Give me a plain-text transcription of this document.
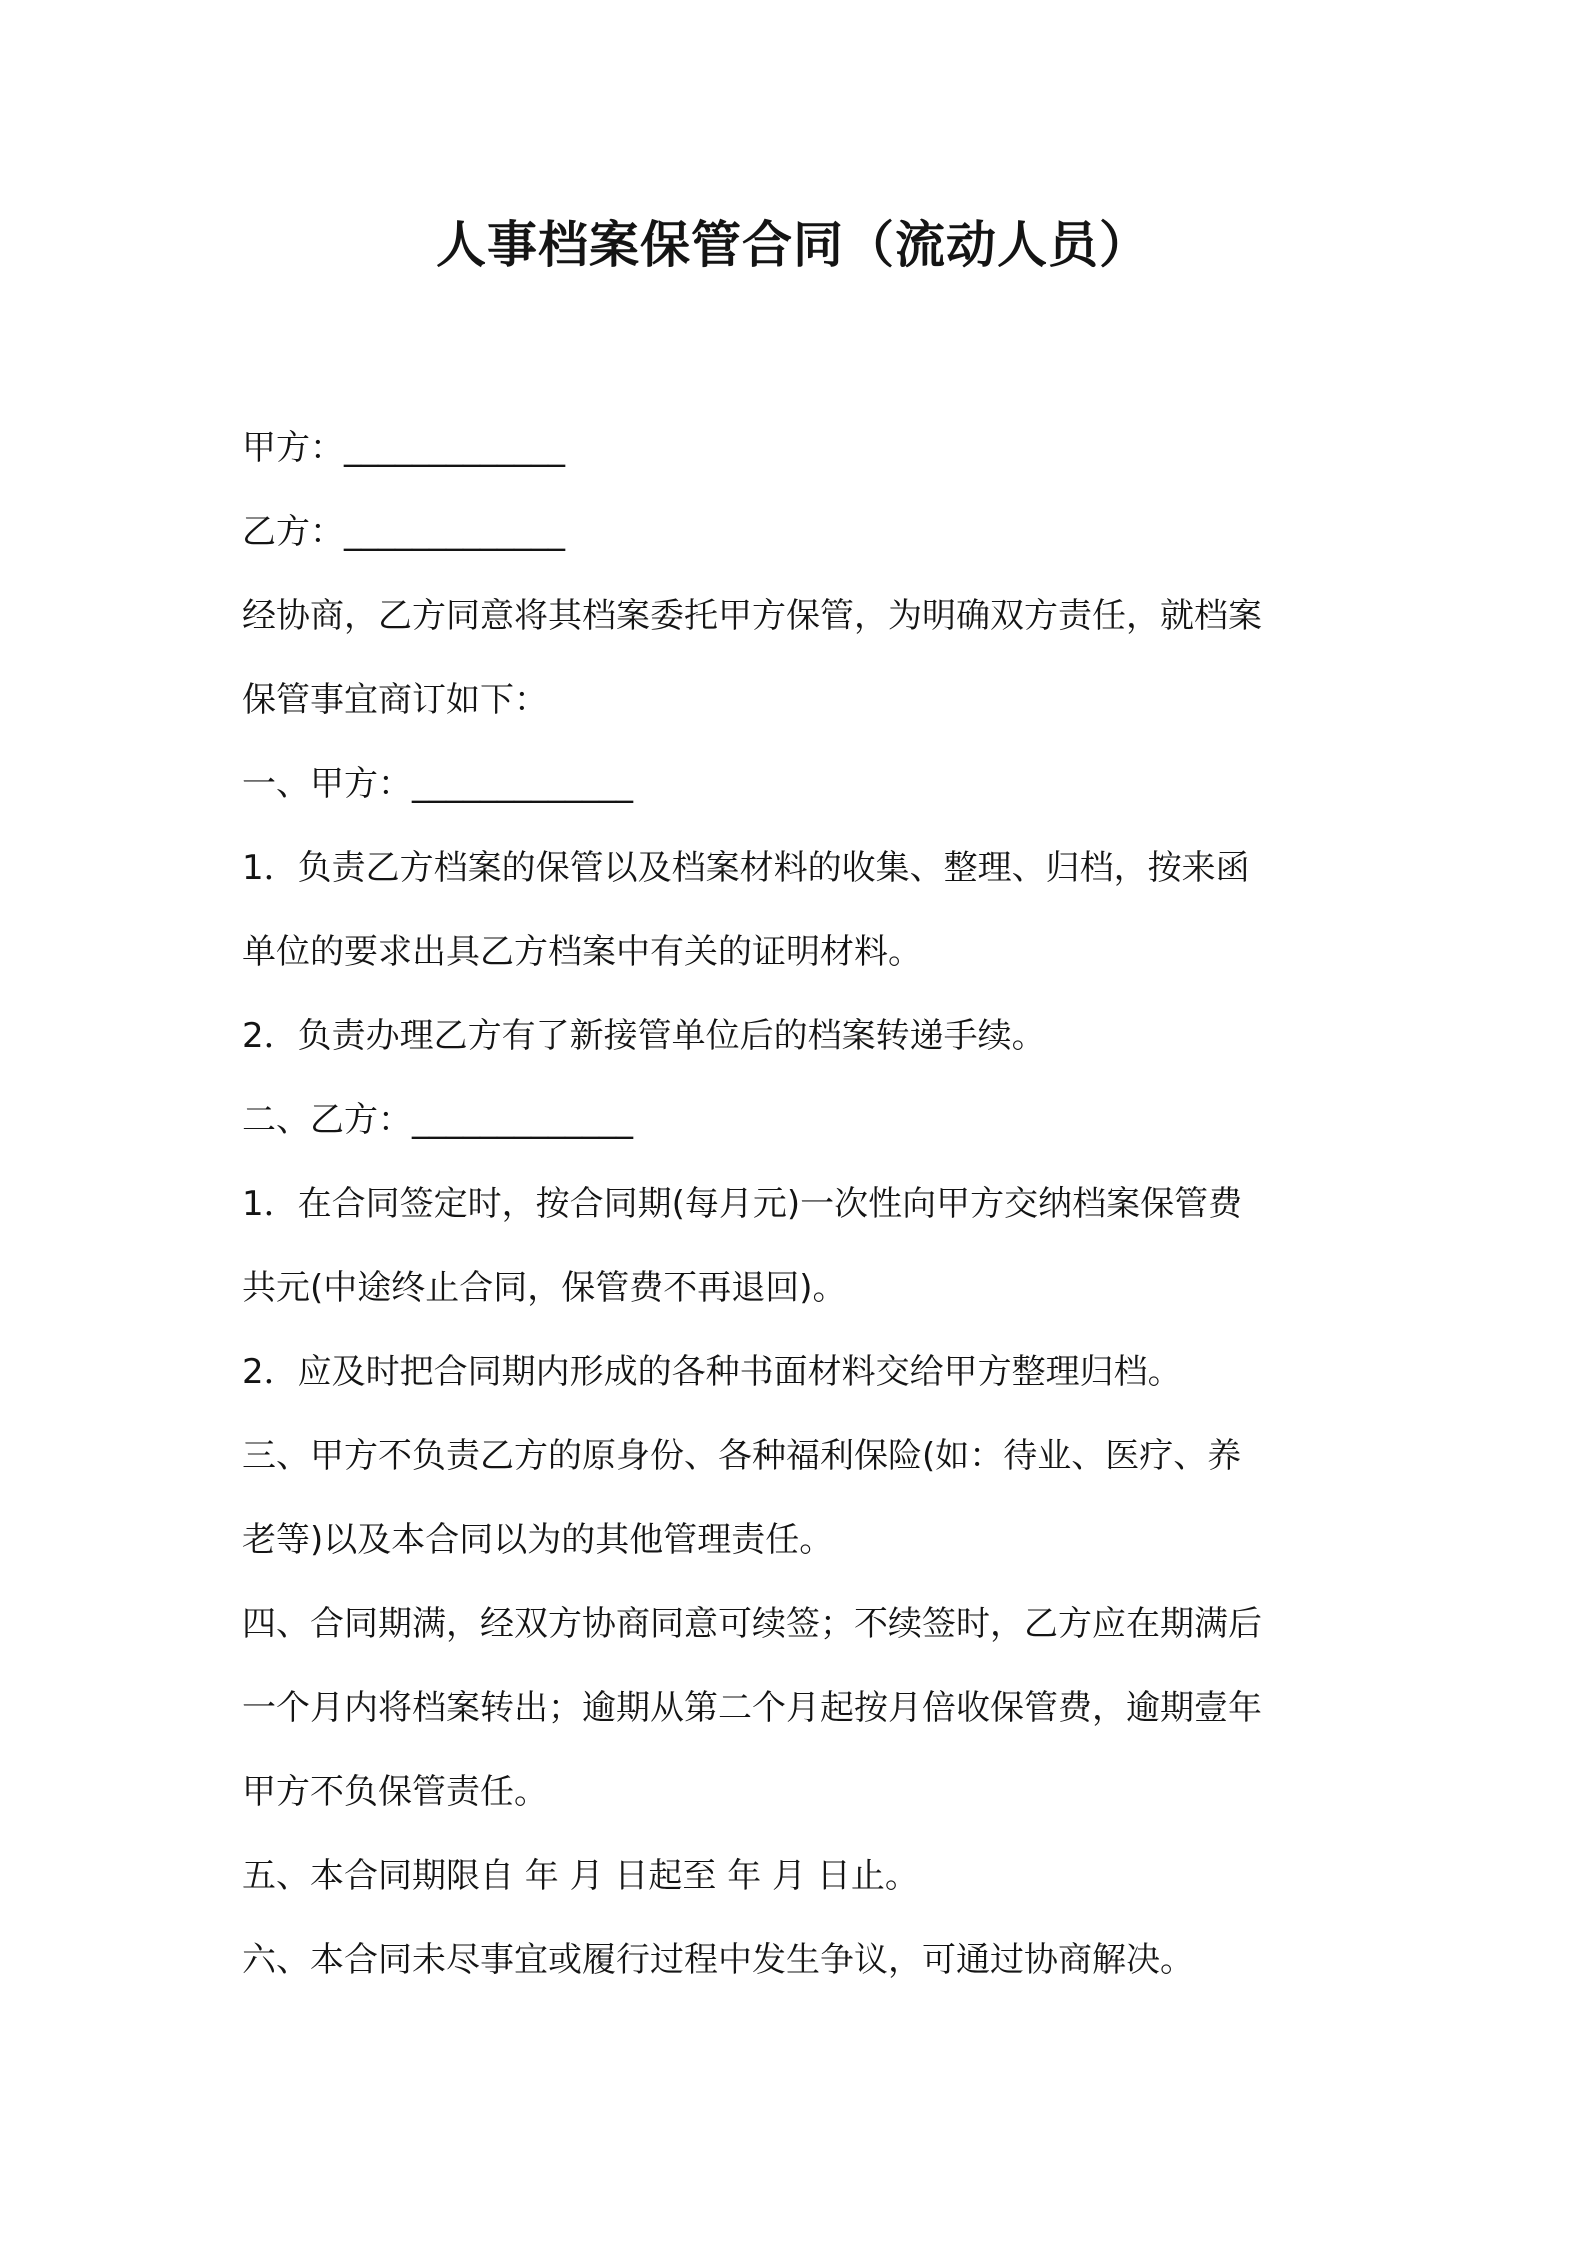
人事档案保管合同（流动人员）
甲方：_____________
乙方：_____________
经协商，乙方同意将其档案委托甲方保管，为明确双方责任，就档案
保管事宜商订如下：
一、甲方：_____________
1．负责乙方档案的保管以及档案材料的收集、整理、归档，按来函
单位的要求出具乙方档案中有关的证明材料。
2．负责办理乙方有了新接管单位后的档案转递手续。
二、乙方：_____________
1．在合同签定时，按合同期(每月元)一次性向甲方交纳档案保管费
共元(中途终止合同，保管费不再退回)。
2．应及时把合同期内形成的各种书面材料交给甲方整理归档。
三、甲方不负责乙方的原身份、各种福利保险(如：待业、医疗、养
老等)以及本合同以为的其他管理责任。
四、合同期满，经双方协商同意可续签；不续签时，乙方应在期满后
一个月内将档案转出；逾期从第二个月起按月倍收保管费，逾期壹年
甲方不负保管责任。
五、本合同期限自 年 月 日起至 年 月 日止。
六、本合同未尽事宜或履行过程中发生争议，可通过协商解决。
